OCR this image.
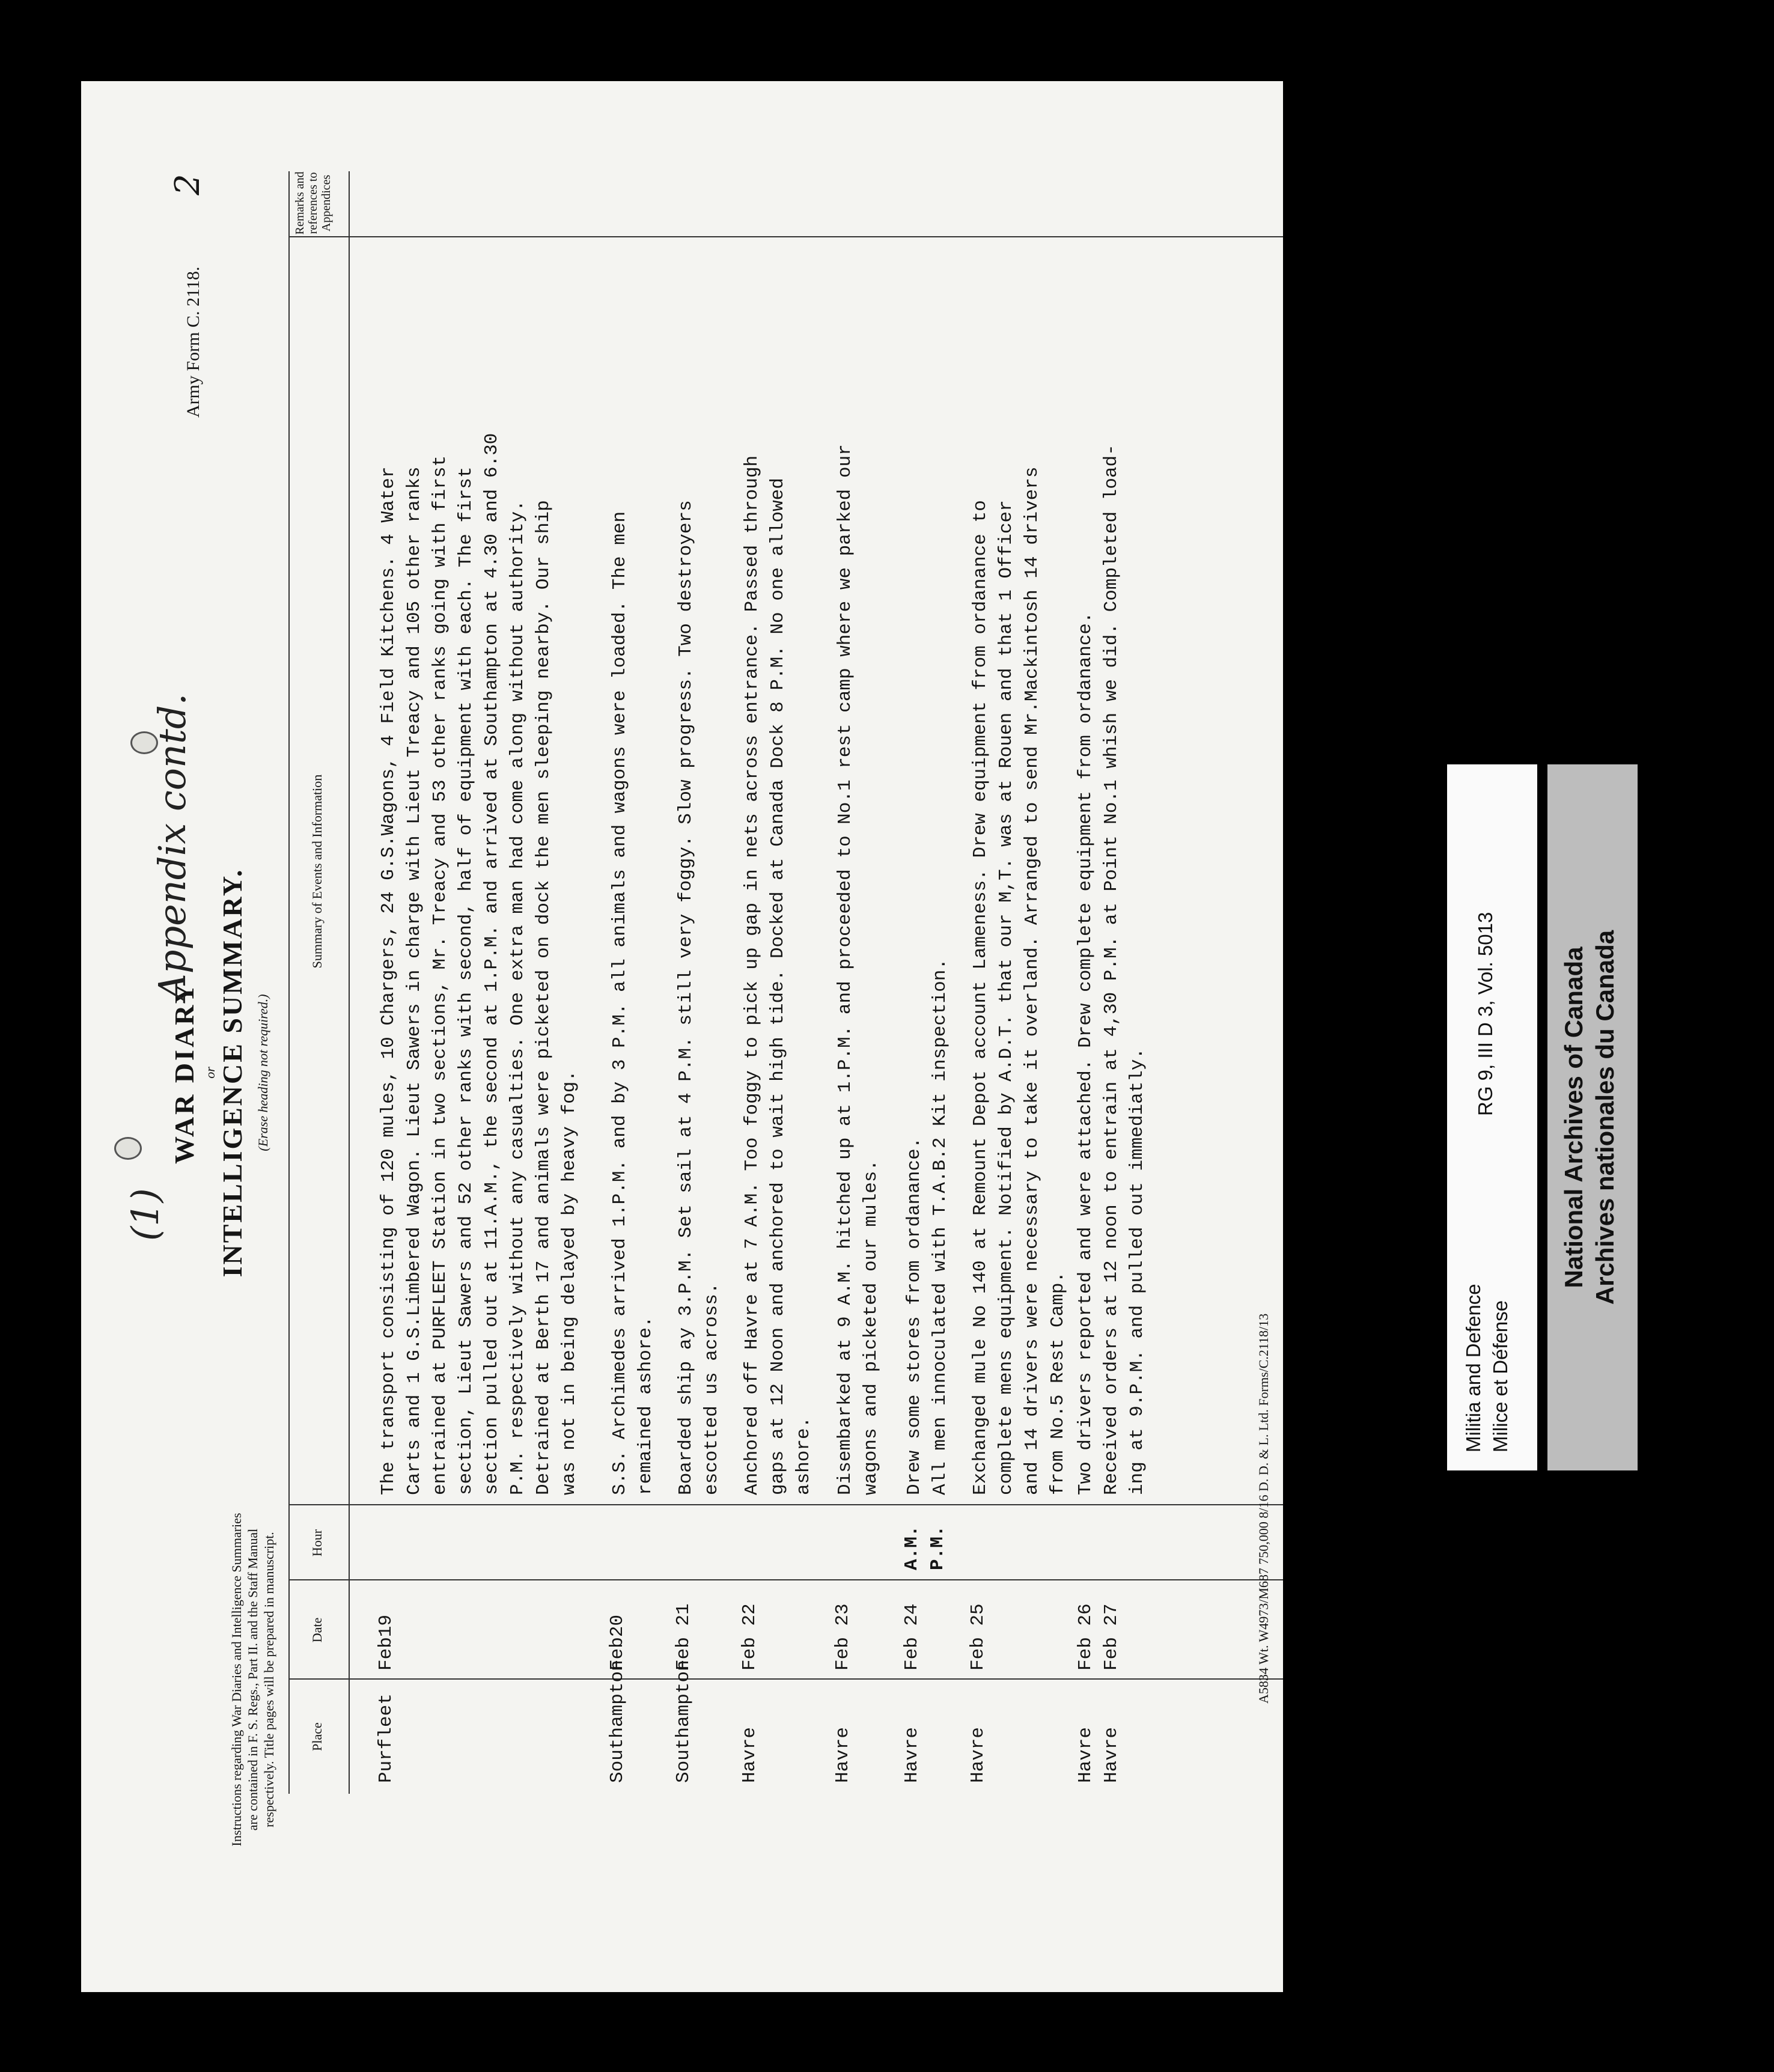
Instructions regarding War Diaries and Intelligence Summaries are contained in F. S. Regs., Part II. and the Staff Manual respectively. Title pages will be prepared in manuscript.
(1)
WAR DIARY or INTELLIGENCE SUMMARY. (Erase heading not required.)
Appendix contd.
Army Form C. 2118.
2
Place
Date
Hour
Summary of Events and Information
Remarks and references to Appendices
Purfleet
Feb19
The transport consisting of 120 mules, 10 Chargers, 24 G.S.Wagons, 4 Field Kitchens. 4 Water
Carts and 1 G.S.Limbered Wagon. Lieut Sawers in charge with Lieut Treacy and 105 other ranks
entrained at PURFLEET Station in two sections, Mr. Treacy and 53 other ranks going with first
section, Lieut Sawers and 52 other ranks with second, half of equipment with each. The first
section pulled out at 11.A.M., the second at 1.P.M. and arrived at Southampton at 4.30 and 6.30
P.M. respectively without any casualties. One extra man had come along without authority.
Detrained at Berth 17 and animals were picketed on dock the men sleeping nearby. Our ship
was not in being delayed by heavy fog.
Southampton
Feb20
S.S. Archimedes arrived 1.P.M. and by 3 P.M. all animals and wagons were loaded. The men
remained ashore.
Southampton
Feb 21
Boarded ship ay 3.P.M. Set sail at 4 P.M. still very foggy. Slow progress. Two destroyers
escotted us across.
Havre
Feb 22
Anchored off Havre at 7 A.M. Too foggy to pick up gap in nets across entrance. Passed through
gaps at 12 Noon and anchored to wait high tide. Docked at Canada Dock 8 P.M. No one allowed
ashore.
Havre
Feb 23
Disembarked at 9 A.M. hitched up at 1.P.M. and proceeded to No.1 rest camp where we parked our
wagons and picketed our mules.
Havre
Feb 24
A.M.
P.M.
Drew some stores from ordanance.
All men innoculated with T.A.B.2 Kit inspection.
Havre
Feb 25
Exchanged mule No 140 at Remount Depot account Lameness. Drew equipment from ordanance to
complete mens equipment. Notified by A.D.T. that our M,T. was at Rouen and that 1 Officer
and 14 drivers were necessary to take it overland. Arranged to send Mr.Mackintosh 14 drivers
from No.5 Rest Camp.
Havre
Havre
Feb 26
Feb 27
Two drivers reported and were attached. Drew complete equipment from ordanance.
Received orders at 12 noon to entrain at 4,30 P.M. at Point No.1 whish we did. Completed load-
ing at 9.P.M. and pulled out immediatly.
A5834 Wt. W4973/M687 750,000 8/16 D. D. & L. Ltd. Forms/C.2118/13	Militia and Defence Milice et Défense
RG 9, III D 3, Vol. 5013	National Archives of Canada Archives nationales du Canada
